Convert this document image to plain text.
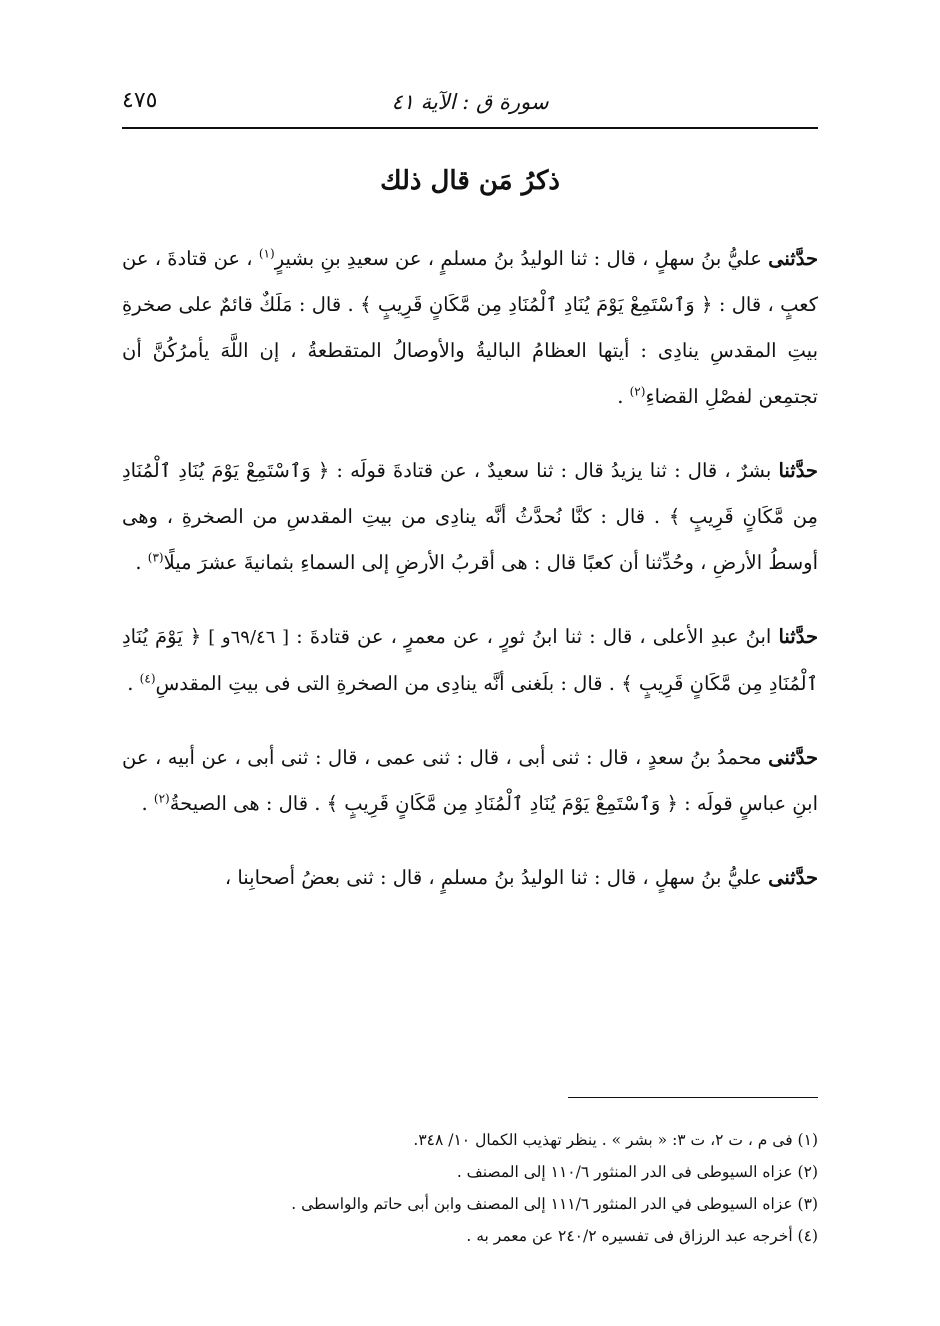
سورة ق : الآية ٤١
٤٧٥
ذكرُ مَن قال ذلك

حدَّثنى عليُّ بنُ سهلٍ ، قال : ثنا الوليدُ بنُ مسلمٍ ، عن سعيدِ بنِ بشيرٍ$^{(١)}$ ، عن قتادةَ ، عن كعبٍ ، قال : ﴿ وَٱسْتَمِعْ يَوْمَ يُنَادِ ٱلْمُنَادِ مِن مَّكَانٍ قَرِيبٍ ﴾ . قال : مَلَكٌ قائمٌ على صخرةِ بيتِ المقدسِ ينادِى : أيتها العظامُ الباليةُ والأوصالُ المتقطعةُ ، إن اللَّهَ يأمرُكُنَّ أن تجتمِعن لفصْلِ القضاءِ$^{(٢)}$ .

حدَّثنا بشرٌ ، قال : ثنا يزيدُ قال : ثنا سعيدٌ ، عن قتادةَ قولَه : ﴿ وَٱسْتَمِعْ يَوْمَ يُنَادِ ٱلْمُنَادِ مِن مَّكَانٍ قَرِيبٍ ﴾ . قال : كنَّا نُحدَّثُ أنَّه ينادِى من بيتِ المقدسِ من الصخرةِ ، وهى أوسطُ الأرضِ ، وحُدِّثنا أن كعبًا قال : هى أقربُ الأرضِ إلى السماءِ بثمانيةَ عشرَ ميلًا$^{(٣)}$ .

حدَّثنا ابنُ عبدِ الأعلى ، قال : ثنا ابنُ ثورٍ ، عن معمرٍ ، عن قتادةَ : [ ٦٩/٤٦و ] ﴿ يَوْمَ يُنَادِ ٱلْمُنَادِ مِن مَّكَانٍ قَرِيبٍ ﴾ . قال : بلَغنى أنَّه ينادِى من الصخرةِ التى فى بيتِ المقدسِ$^{(٤)}$ .

حدَّثنى محمدُ بنُ سعدٍ ، قال : ثنى أبى ، قال : ثنى عمى ، قال : ثنى أبى ، عن أبيه ، عن ابنِ عباسٍ قولَه : ﴿ وَٱسْتَمِعْ يَوْمَ يُنَادِ ٱلْمُنَادِ مِن مَّكَانٍ قَرِيبٍ ﴾ . قال : هى الصيحةُ$^{(٢)}$ .

حدَّثنى عليُّ بنُ سهلٍ ، قال : ثنا الوليدُ بنُ مسلمٍ ، قال : ثنى بعضُ أصحابِنا ،

(١) فى م ، ت ٢، ت ٣: « بشر » . ينظر تهذيب الكمال ١٠/ ٣٤٨.
(٢) عزاه السيوطى فى الدر المنثور ١١٠/٦ إلى المصنف .
(٣) عزاه السيوطى في الدر المنثور ١١١/٦ إلى المصنف وابن أبى حاتم والواسطى .
(٤) أخرجه عبد الرزاق فى تفسيره ٢٤٠/٢ عن معمر به .
